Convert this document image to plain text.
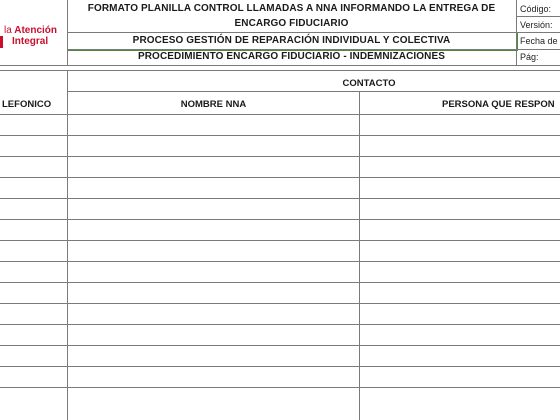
la Atención
Integral
FORMATO PLANILLA CONTROL LLAMADAS A NNA INFORMANDO LA ENTREGA DE
ENCARGO FIDUCIARIO
PROCESO GESTIÓN DE REPARACIÓN INDIVIDUAL Y COLECTIVA
PROCEDIMIENTO ENCARGO FIDUCIARIO - INDEMNIZACIONES
Código:
Versión:
Fecha de
Pág:
CONTACTO
LEFONICO	NOMBRE NNA	PERSONA QUE RESPON
